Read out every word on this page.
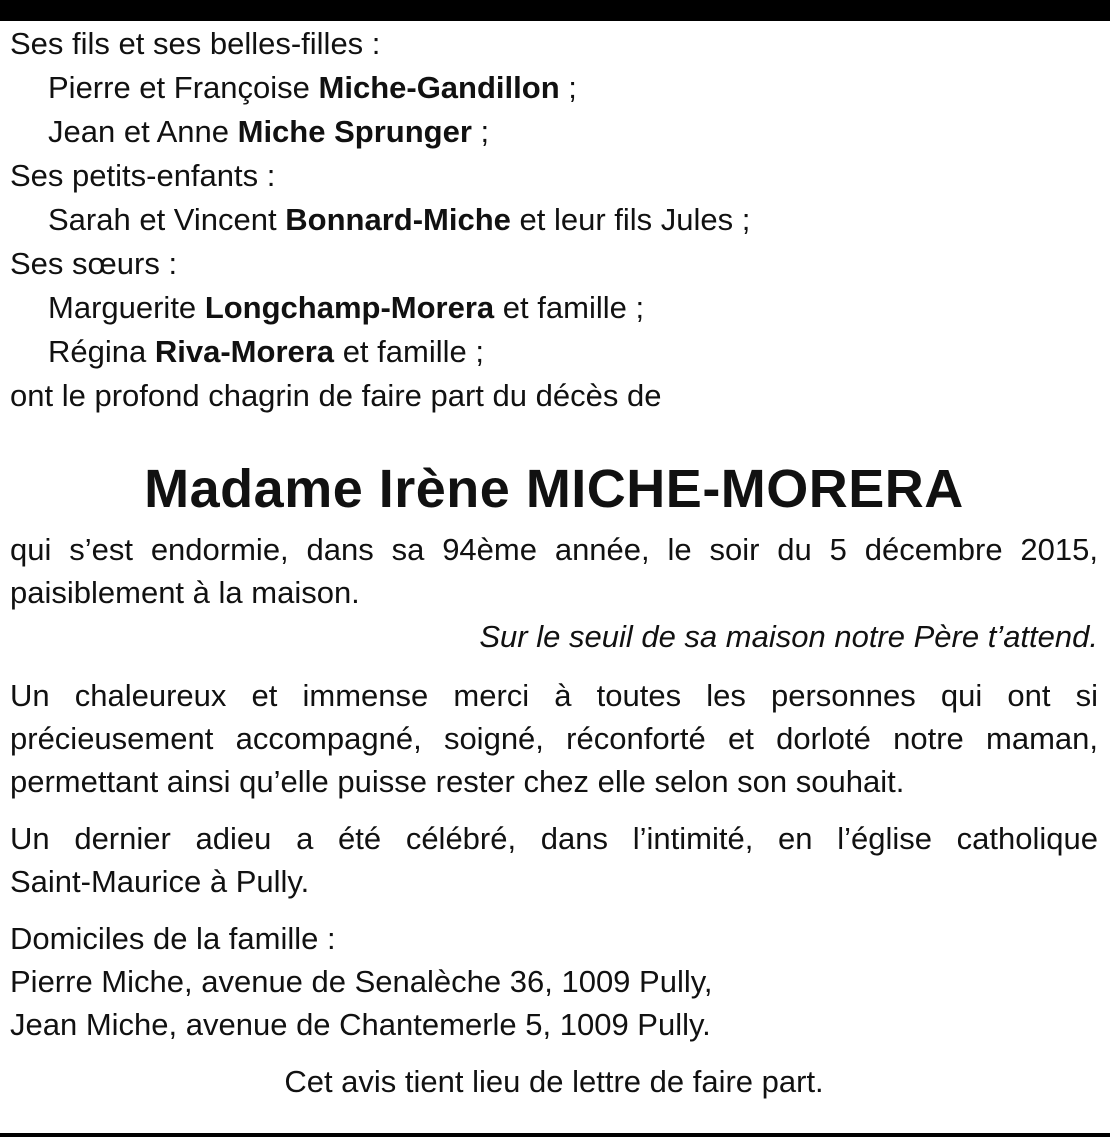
Ses fils et ses belles-filles :
Pierre et Françoise Miche-Gandillon ;
Jean et Anne Miche Sprunger ;
Ses petits-enfants :
Sarah et Vincent Bonnard-Miche et leur fils Jules ;
Ses sœurs :
Marguerite Longchamp-Morera et famille ;
Régina Riva-Morera et famille ;
ont le profond chagrin de faire part du décès de
Madame Irène MICHE-MORERA
qui s’est endormie, dans sa 94ème année, le soir du 5 décembre 2015,
paisiblement à la maison.
Sur le seuil de sa maison notre Père t’attend.
Un chaleureux et immense merci à toutes les personnes qui ont si
précieusement accompagné, soigné, réconforté et dorloté notre maman,
permettant ainsi qu’elle puisse rester chez elle selon son souhait.
Un dernier adieu a été célébré, dans l’intimité, en l’église catholique
Saint-Maurice à Pully.
Domiciles de la famille :
Pierre Miche, avenue de Senalèche 36, 1009 Pully,
Jean Miche, avenue de Chantemerle 5, 1009 Pully.
Cet avis tient lieu de lettre de faire part.
